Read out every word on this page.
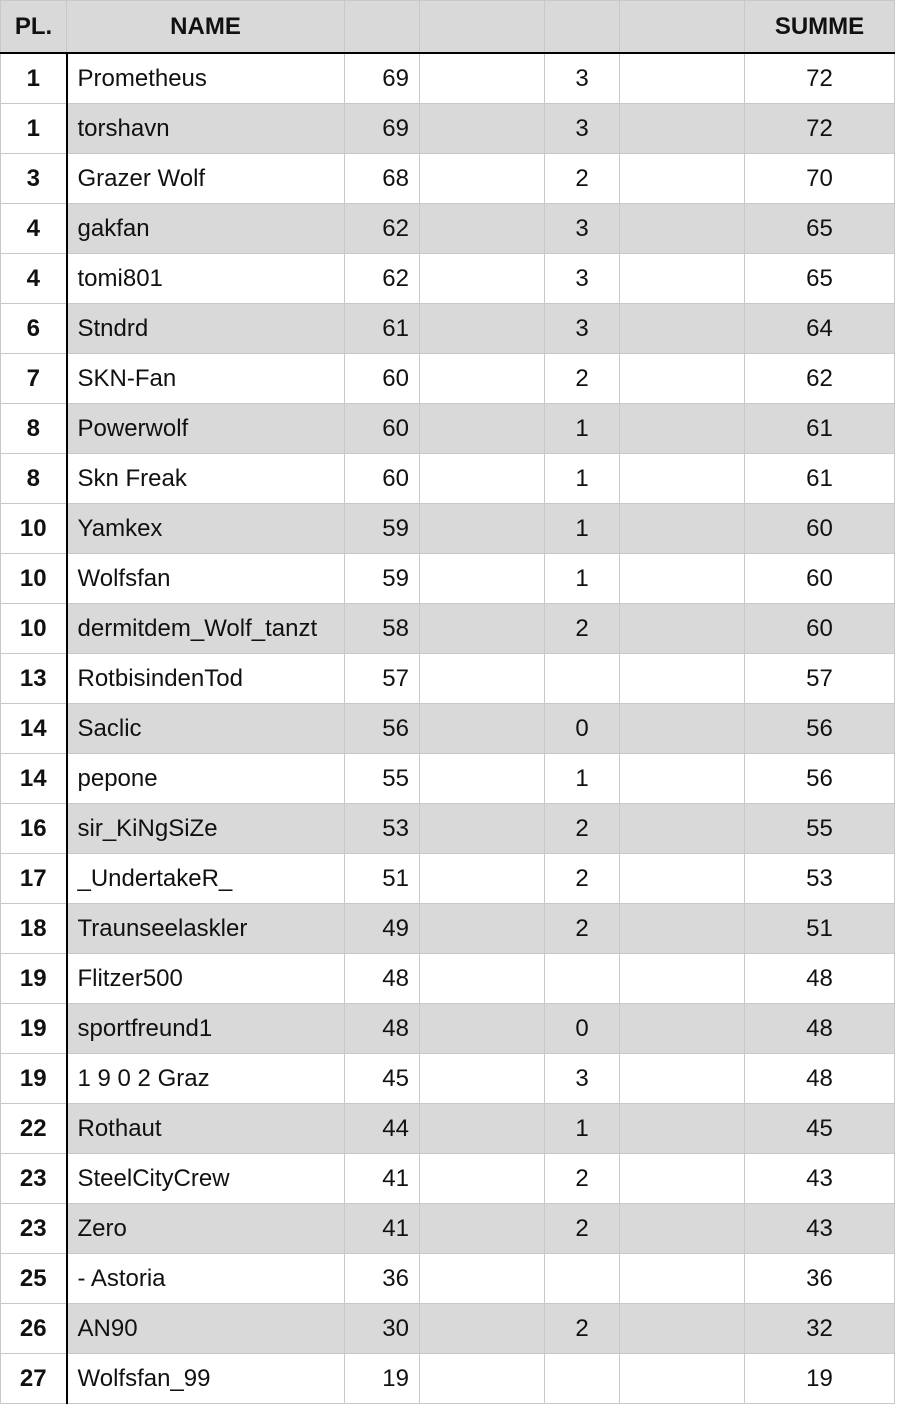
PL.	NAME					SUMME
1	Prometheus	69		3		72
1	torshavn	69		3		72
3	Grazer Wolf	68		2		70
4	gakfan	62		3		65
4	tomi801	62		3		65
6	Stndrd	61		3		64
7	SKN-Fan	60		2		62
8	Powerwolf	60		1		61
8	Skn Freak	60		1		61
10	Yamkex	59		1		60
10	Wolfsfan	59		1		60
10	dermitdem_Wolf_tanzt	58		2		60
13	RotbisindenTod	57				57
14	Saclic	56		0		56
14	pepone	55		1		56
16	sir_KiNgSiZe	53		2		55
17	_UndertakeR_	51		2		53
18	Traunseelaskler	49		2		51
19	Flitzer500	48				48
19	sportfreund1	48		0		48
19	1 9 0 2 Graz	45		3		48
22	Rothaut	44		1		45
23	SteelCityCrew	41		2		43
23	Zero	41		2		43
25	- Astoria	36				36
26	AN90	30		2		32
27	Wolfsfan_99	19				19
